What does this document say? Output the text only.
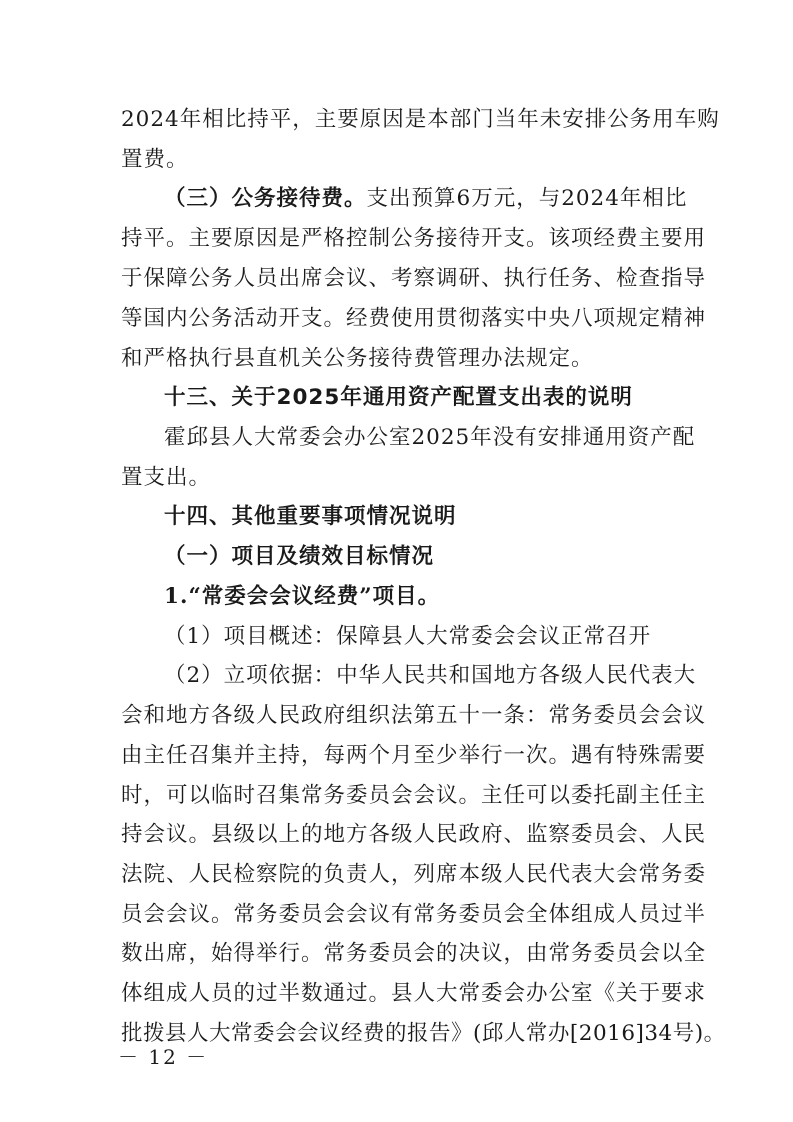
2024年相比持平，主要原因是本部门当年未安排公务用车购
置费。
（三）公务接待费。 支出预算6万元，与2024年相比
持平。主要原因是严格控制公务接待开支。该项经费主要用
于保障公务人员出席会议、考察调研、执行任务、检查指导
等国内公务活动开支。经费使用贯彻落实中央八项规定精神
和严格执行县直机关公务接待费管理办法规定。
十三、关于2025年通用资产配置支出表的说明
霍邱县人大常委会办公室2025年没有安排通用资产配
置支出。
十四、其他重要事项情况说明
（一）项目及绩效目标情况
1.“常委会会议经费”项目。
（1）项目概述：保障县人大常委会会议正常召开
（2）立项依据：中华人民共和国地方各级人民代表大
会和地方各级人民政府组织法第五十一条：常务委员会会议
由主任召集并主持，每两个月至少举行一次。遇有特殊需要
时，可以临时召集常务委员会会议。主任可以委托副主任主
持会议。县级以上的地方各级人民政府、监察委员会、人民
法院、人民检察院的负责人，列席本级人民代表大会常务委
员会会议。常务委员会会议有常务委员会全体组成人员过半
数出席，始得举行。常务委员会的决议，由常务委员会以全
体组成人员的过半数通过。县人大常委会办公室《关于要求
批拨县人大常委会会议经费的报告》(邱人常办[2016]34号)。
－ 12 －
